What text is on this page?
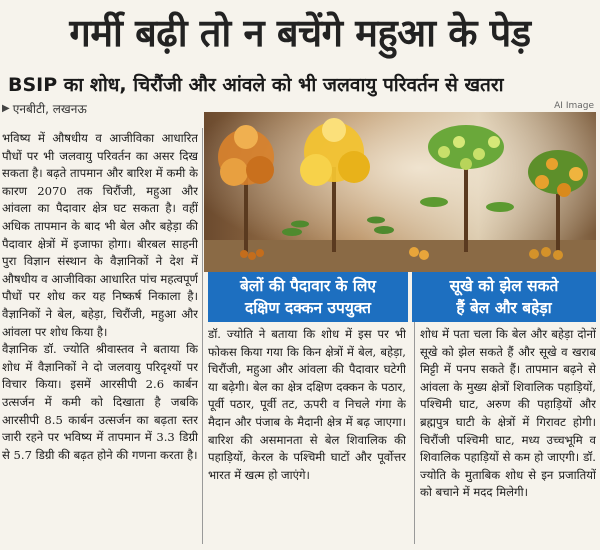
गर्मी बढ़ी तो न बचेंगे महुआ के पेड़
BSIP का शोध, चिरौंजी और आंवले को भी जलवायु परिवर्तन से खतरा
▶ एनबीटी, लखनऊ	AI Image

भविष्य में औषधीय व आजीविका आधारित पौधों पर भी जलवायु परिवर्तन का असर दिख सकता है। बढ़ते तापमान और बारिश में कमी के कारण 2070 तक चिरौंजी, महुआ और आंवला का पैदावार क्षेत्र घट सकता है। वहीं अधिक तापमान के बाद भी बेल और बहेड़ा की पैदावार क्षेत्रों में इजाफा होगा। बीरबल साहनी पुरा विज्ञान संस्थान के वैज्ञानिकों ने देश में औषधीय व आजीविका आधारित पांच महत्वपूर्ण पौधों पर शोध कर यह निष्कर्ष निकाला है। वैज्ञानिकों ने बेल, बहेड़ा, चिरौंजी, महुआ और आंवला पर शोध किया है।

वैज्ञानिक डॉ. ज्योति श्रीवास्तव ने बताया कि शोध में वैज्ञानिकों ने दो जलवायु परिदृश्यों पर विचार किया। इसमें आरसीपी 2.6 कार्बन उत्सर्जन में कमी को दिखाता है जबकि आरसीपी 8.5 कार्बन उत्सर्जन का बढ़ता स्तर जारी रहने पर भविष्य में तापमान में 3.3 डिग्री से 5.7 डिग्री की बढ़त होने की गणना करता है।

बेलों की पैदावार के लिए
दक्षिण दक्कन उपयुक्त
सूखे को झेल सकते
हैं बेल और बहेड़ा

डॉ. ज्योति ने बताया कि शोध में इस पर भी फोकस किया गया कि किन क्षेत्रों में बेल, बहेड़ा, चिरौंजी, महुआ और आंवला की पैदावार घटेगी या बढ़ेगी। बेल का क्षेत्र दक्षिण दक्कन के पठार, पूर्वी पठार, पूर्वी तट, ऊपरी व निचले गंगा के मैदान और पंजाब के मैदानी क्षेत्र में बढ़ जाएगा। बारिश की असमानता से बेल शिवालिक की पहाड़ियों, केरल के पश्चिमी घाटों और पूर्वोत्तर भारत में खत्म हो जाएंगे।

शोध में पता चला कि बेल और बहेड़ा दोनों सूखे को झेल सकते हैं और सूखे व खराब मिट्टी में पनप सकते हैं। तापमान बढ़ने से आंवला के मुख्य क्षेत्रों शिवालिक पहाड़ियों, पश्चिमी घाट, अरुण की पहाड़ियों और ब्रह्मपुत्र घाटी के क्षेत्रों में गिरावट होगी। चिरौंजी पश्चिमी घाट, मध्य उच्चभूमि व शिवालिक पहाड़ियों से कम हो जाएगी। डॉ. ज्योति के मुताबिक शोध से इन प्रजातियों को बचाने में मदद मिलेगी।
